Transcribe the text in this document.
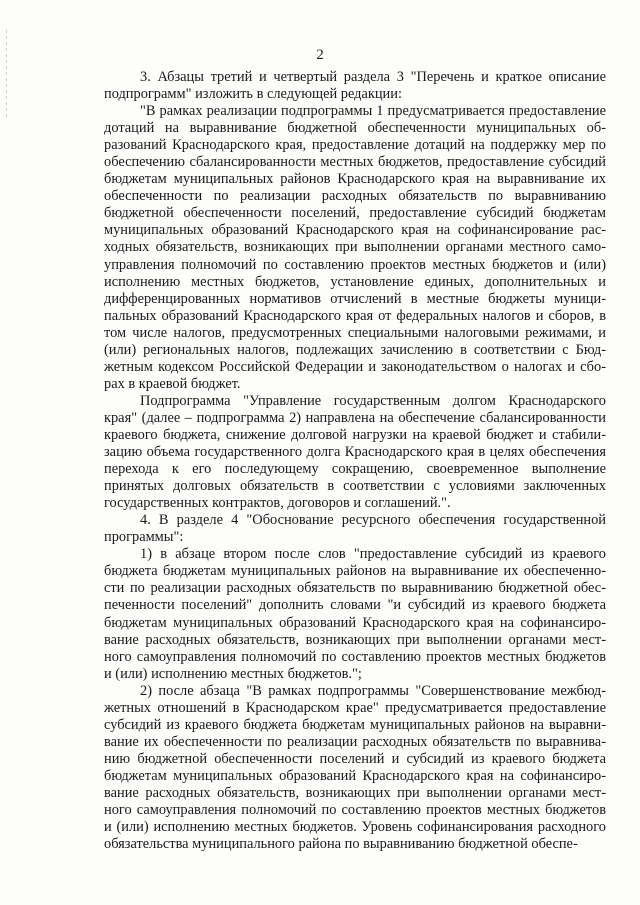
2

3. Абзацы третий и четвертый раздела 3 "Перечень и краткое описание подпрограмм" изложить в следующей редакции:

"В рамках реализации подпрограммы 1 предусматривается предоставление дотаций на выравнивание бюджетной обеспеченности муниципальных образований Краснодарского края, предоставление дотаций на поддержку мер по обеспечению сбалансированности местных бюджетов, предоставление субсидий бюджетам муниципальных районов Краснодарского края на выравнивание их обеспеченности по реализации расходных обязательств по выравниванию бюджетной обеспеченности поселений, предоставление субсидий бюджетам муниципальных образований Краснодарского края на софинансирование расходных обязательств, возникающих при выполнении органами местного самоуправления полномочий по составлению проектов местных бюджетов и (или) исполнению местных бюджетов, установление единых, дополнительных и дифференцированных нормативов отчислений в местные бюджеты муниципальных образований Краснодарского края от федеральных налогов и сборов, в том числе налогов, предусмотренных специальными налоговыми режимами, и (или) региональных налогов, подлежащих зачислению в соответствии с Бюджетным кодексом Российской Федерации и законодательством о налогах и сборах в краевой бюджет.

Подпрограмма "Управление государственным долгом Краснодарского края" (далее – подпрограмма 2) направлена на обеспечение сбалансированности краевого бюджета, снижение долговой нагрузки на краевой бюджет и стабилизацию объема государственного долга Краснодарского края в целях обеспечения перехода к его последующему сокращению, своевременное выполнение принятых долговых обязательств в соответствии с условиями заключенных государственных контрактов, договоров и соглашений.".

4. В разделе 4 "Обоснование ресурсного обеспечения государственной программы":

1) в абзаце втором после слов "предоставление субсидий из краевого бюджета бюджетам муниципальных районов на выравнивание их обеспеченности по реализации расходных обязательств по выравниванию бюджетной обеспеченности поселений" дополнить словами "и субсидий из краевого бюджета бюджетам муниципальных образований Краснодарского края на софинансирование расходных обязательств, возникающих при выполнении органами местного самоуправления полномочий по составлению проектов местных бюджетов и (или) исполнению местных бюджетов.";

2) после абзаца "В рамках подпрограммы "Совершенствование межбюджетных отношений в Краснодарском крае" предусматривается предоставление субсидий из краевого бюджета бюджетам муниципальных районов на выравнивание их обеспеченности по реализации расходных обязательств по выравниванию бюджетной обеспеченности поселений и субсидий из краевого бюджета бюджетам муниципальных образований Краснодарского края на софинансирование расходных обязательств, возникающих при выполнении органами местного самоуправления полномочий по составлению проектов местных бюджетов и (или) исполнению местных бюджетов. Уровень софинансирования расходного обязательства муниципального района по выравниванию бюджетной обеспе-
